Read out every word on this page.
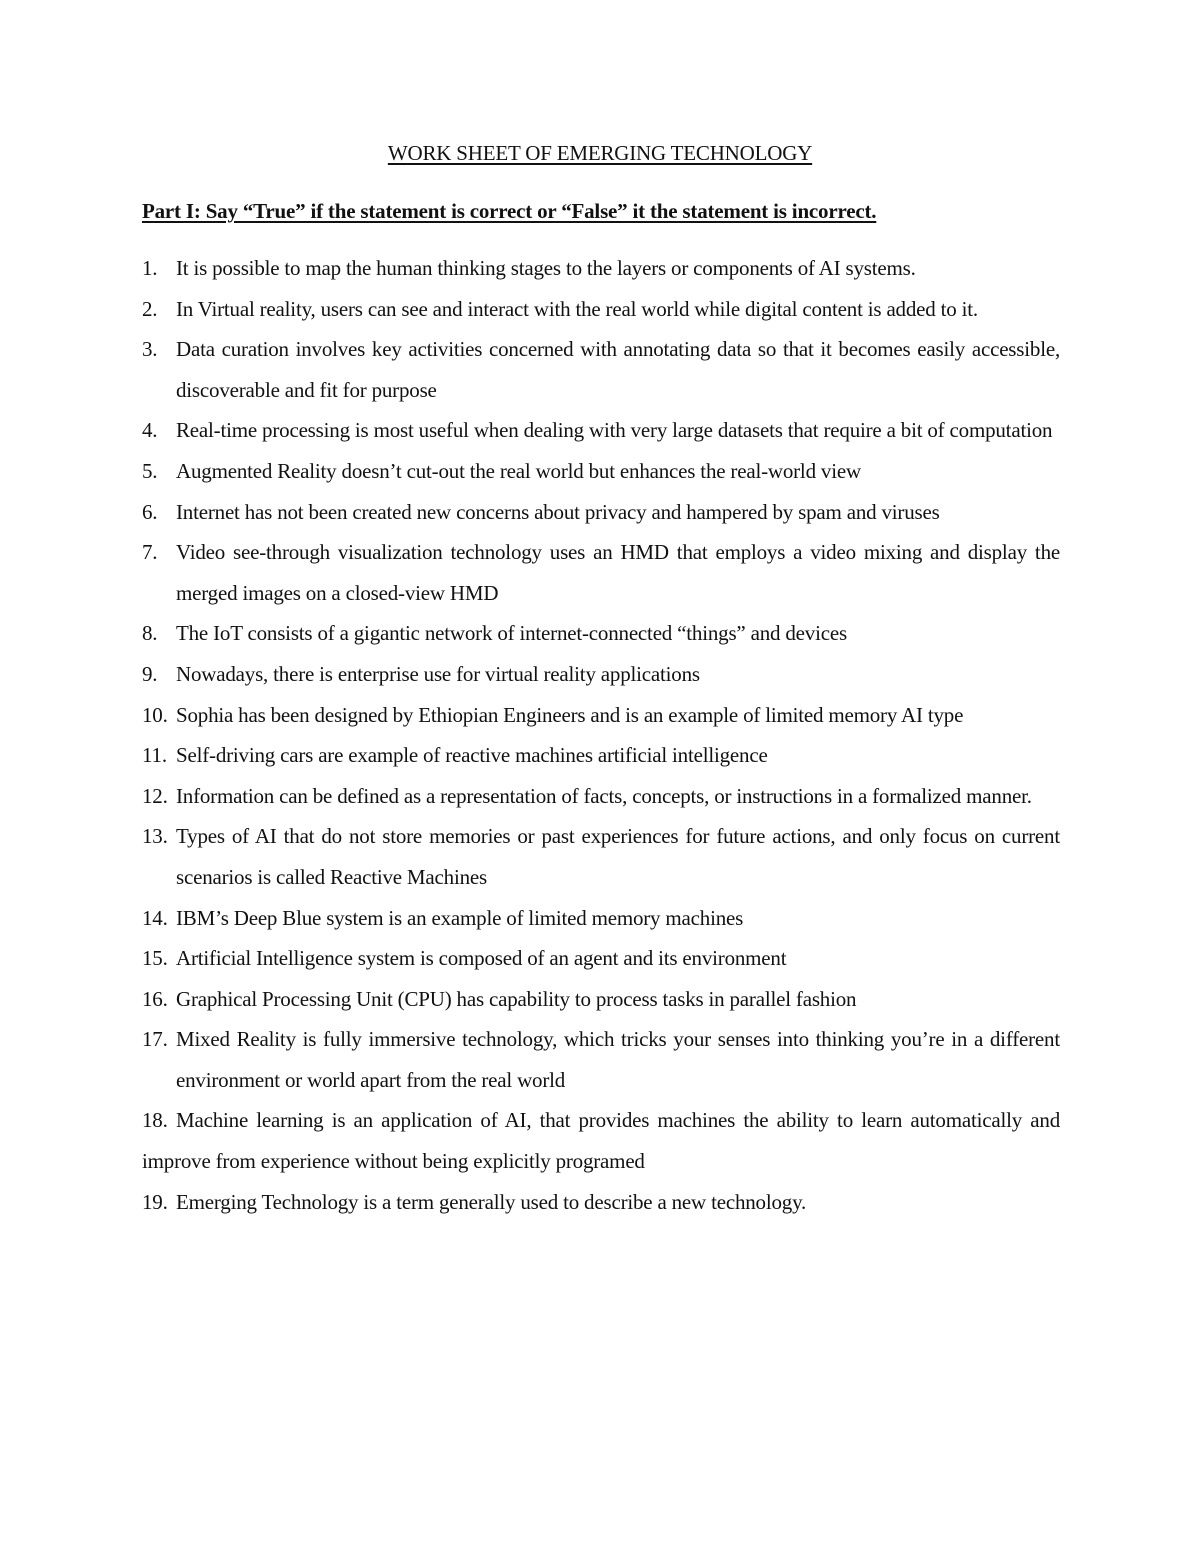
WORK SHEET OF EMERGING TECHNOLOGY
Part I: Say “True” if the statement is correct or “False” it the statement is incorrect.
1. It is possible to map the human thinking stages to the layers or components of AI systems.
2. In Virtual reality, users can see and interact with the real world while digital content is added to it.
3. Data curation involves key activities concerned with annotating data so that it becomes easily accessible, discoverable and fit for purpose
4. Real-time processing is most useful when dealing with very large datasets that require a bit of computation
5. Augmented Reality doesn’t cut-out the real world but enhances the real-world view
6. Internet has not been created new concerns about privacy and hampered by spam and viruses
7. Video see-through visualization technology uses an HMD that employs a video mixing and display the merged images on a closed-view HMD
8. The IoT consists of a gigantic network of internet-connected “things” and devices
9. Nowadays, there is enterprise use for virtual reality applications
10. Sophia has been designed by Ethiopian Engineers and is an example of limited memory AI type
11. Self-driving cars are example of reactive machines artificial intelligence
12. Information can be defined as a representation of facts, concepts, or instructions in a formalized manner.
13. Types of AI that do not store memories or past experiences for future actions, and only focus on current scenarios is called Reactive Machines
14. IBM’s Deep Blue system is an example of limited memory machines
15. Artificial Intelligence system is composed of an agent and its environment
16. Graphical Processing Unit (CPU) has capability to process tasks in parallel fashion
17. Mixed Reality is fully immersive technology, which tricks your senses into thinking you’re in a different environment or world apart from the real world
18. Machine learning is an application of AI, that provides machines the ability to learn automatically and improve from experience without being explicitly programed
19. Emerging Technology is a term generally used to describe a new technology.
